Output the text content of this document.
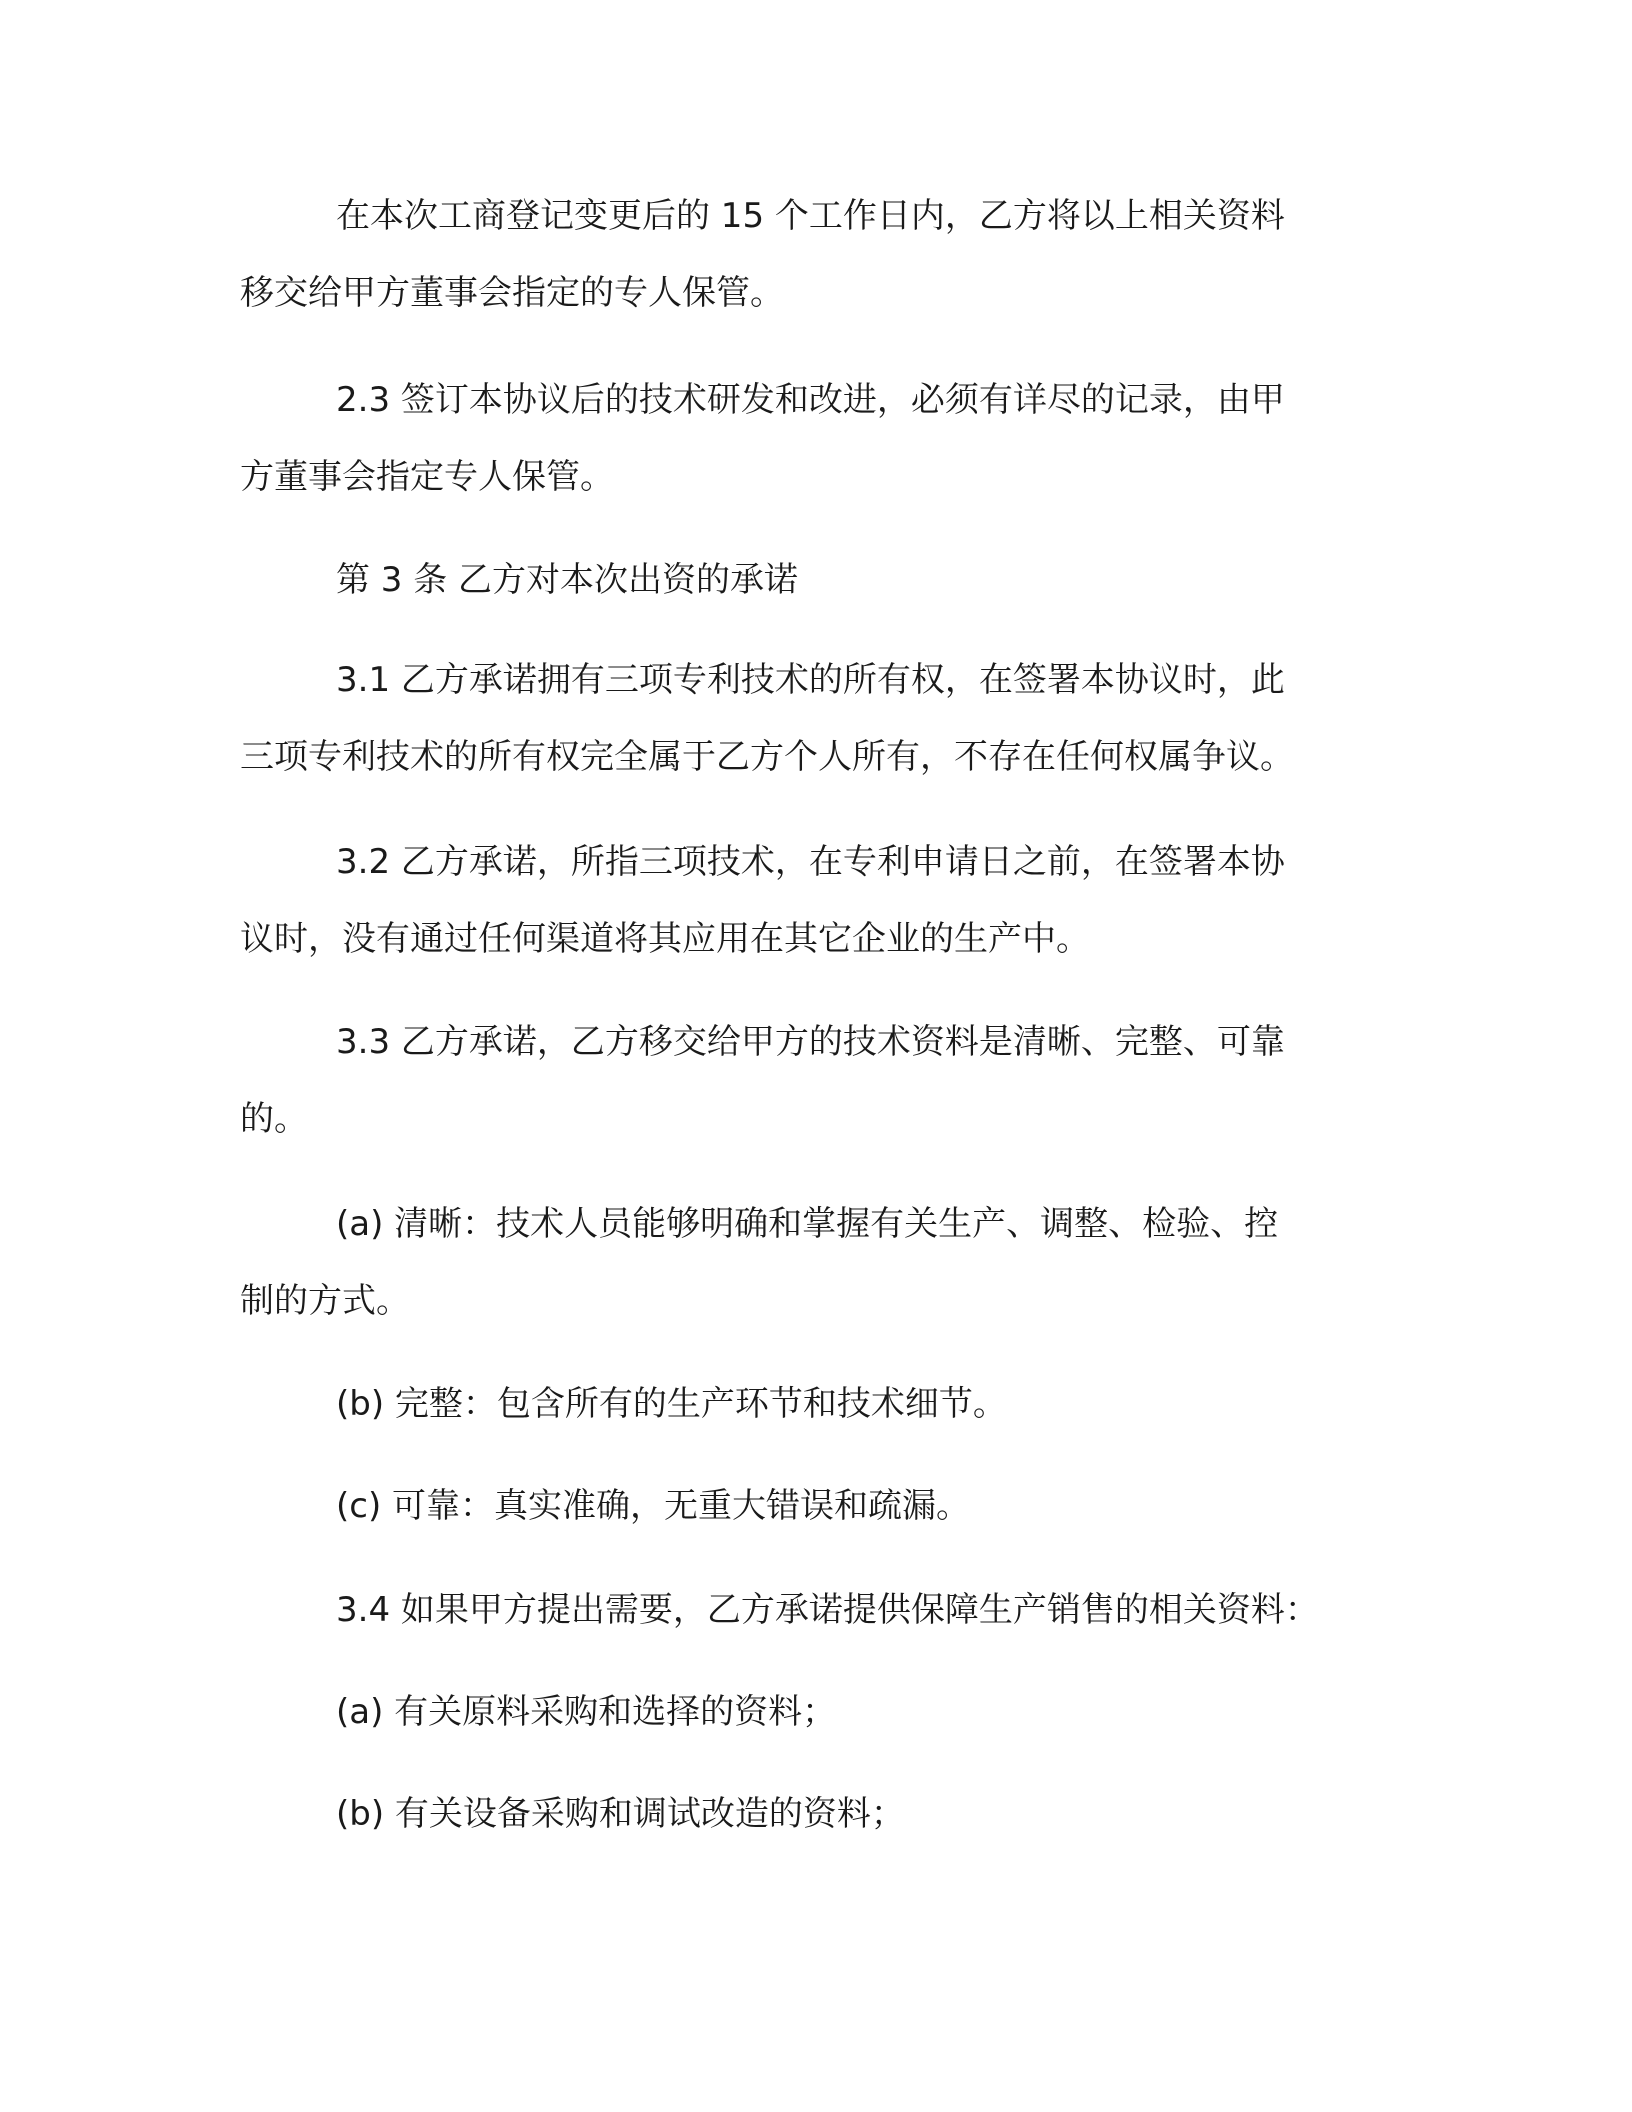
在本次工商登记变更后的 15 个工作日内，乙方将以上相关资料
移交给甲方董事会指定的专人保管。
2.3 签订本协议后的技术研发和改进，必须有详尽的记录，由甲
方董事会指定专人保管。
第 3 条 乙方对本次出资的承诺
3.1 乙方承诺拥有三项专利技术的所有权，在签署本协议时，此
三项专利技术的所有权完全属于乙方个人所有，不存在任何权属争议。
3.2 乙方承诺，所指三项技术，在专利申请日之前，在签署本协
议时，没有通过任何渠道将其应用在其它企业的生产中。
3.3 乙方承诺，乙方移交给甲方的技术资料是清晰、完整、可靠
的。
(a) 清晰：技术人员能够明确和掌握有关生产、调整、检验、控
制的方式。
(b) 完整：包含所有的生产环节和技术细节。
(c) 可靠：真实准确，无重大错误和疏漏。
3.4 如果甲方提出需要，乙方承诺提供保障生产销售的相关资料：
(a) 有关原料采购和选择的资料；
(b) 有关设备采购和调试改造的资料；
